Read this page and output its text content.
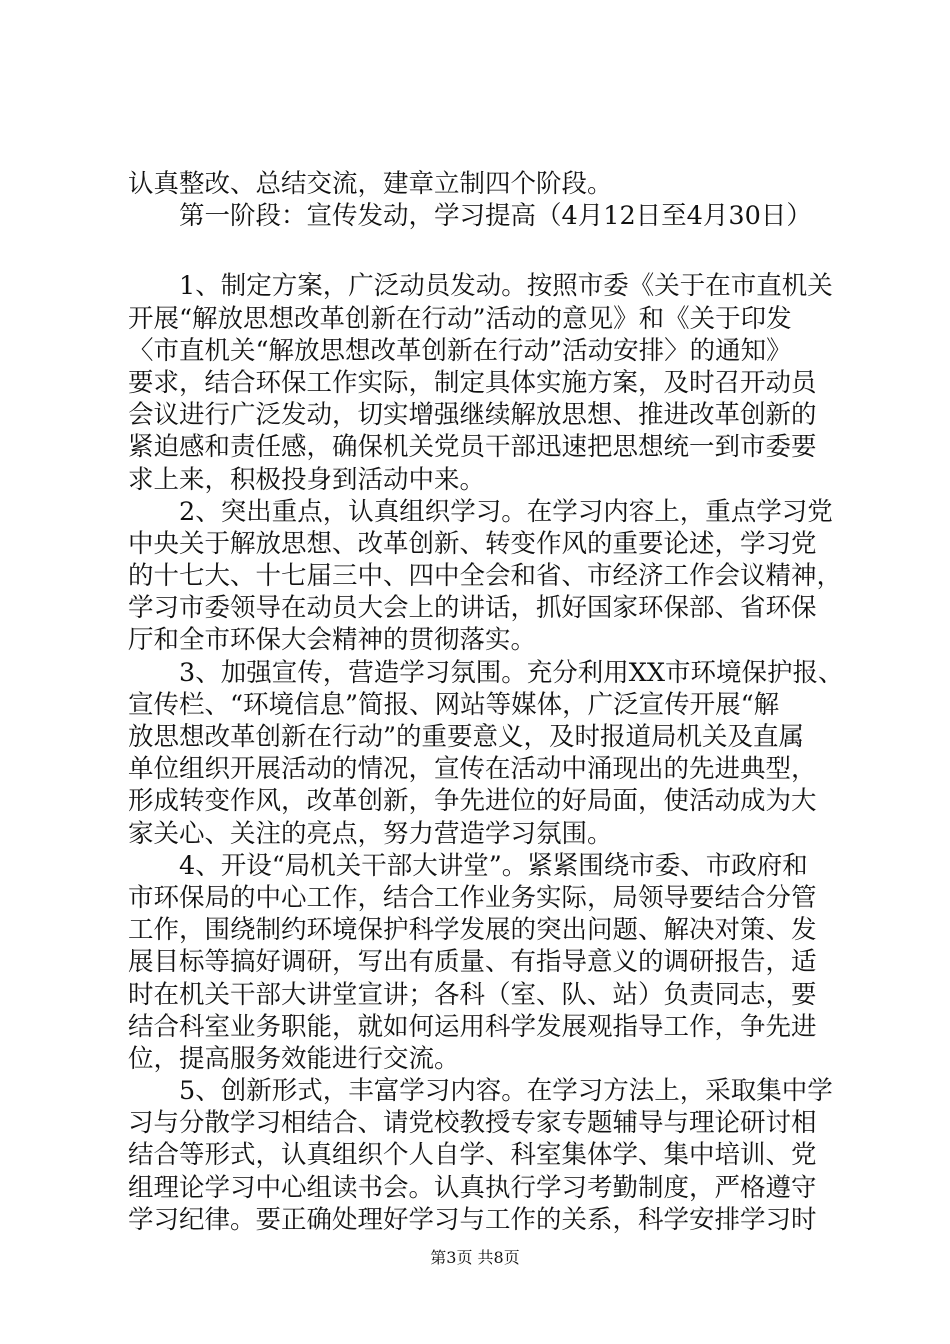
认真整改、总结交流，建章立制四个阶段。
　　第一阶段：宣传发动，学习提高（4月12日至4月30日）
　　1、制定方案，广泛动员发动。按照市委《关于在市直机关
开展“解放思想改革创新在行动”活动的意见》和《关于印发
〈市直机关“解放思想改革创新在行动”活动安排〉的通知》
要求，结合环保工作实际，制定具体实施方案，及时召开动员
会议进行广泛发动，切实增强继续解放思想、推进改革创新的
紧迫感和责任感，确保机关党员干部迅速把思想统一到市委要
求上来，积极投身到活动中来。
　　2、突出重点，认真组织学习。在学习内容上，重点学习党
中央关于解放思想、改革创新、转变作风的重要论述，学习党
的十七大、十七届三中、四中全会和省、市经济工作会议精神，
学习市委领导在动员大会上的讲话，抓好国家环保部、省环保
厅和全市环保大会精神的贯彻落实。
　　3、加强宣传，营造学习氛围。充分利用XX市环境保护报、
宣传栏、“环境信息”简报、网站等媒体，广泛宣传开展“解
放思想改革创新在行动”的重要意义，及时报道局机关及直属
单位组织开展活动的情况，宣传在活动中涌现出的先进典型，
形成转变作风，改革创新，争先进位的好局面，使活动成为大
家关心、关注的亮点，努力营造学习氛围。
　　4、开设“局机关干部大讲堂”。紧紧围绕市委、市政府和
市环保局的中心工作，结合工作业务实际，局领导要结合分管
工作，围绕制约环境保护科学发展的突出问题、解决对策、发
展目标等搞好调研，写出有质量、有指导意义的调研报告，适
时在机关干部大讲堂宣讲；各科（室、队、站）负责同志，要
结合科室业务职能，就如何运用科学发展观指导工作，争先进
位，提高服务效能进行交流。
　　5、创新形式，丰富学习内容。在学习方法上，采取集中学
习与分散学习相结合、请党校教授专家专题辅导与理论研讨相
结合等形式，认真组织个人自学、科室集体学、集中培训、党
组理论学习中心组读书会。认真执行学习考勤制度，严格遵守
学习纪律。要正确处理好学习与工作的关系，科学安排学习时
第3页 共8页
